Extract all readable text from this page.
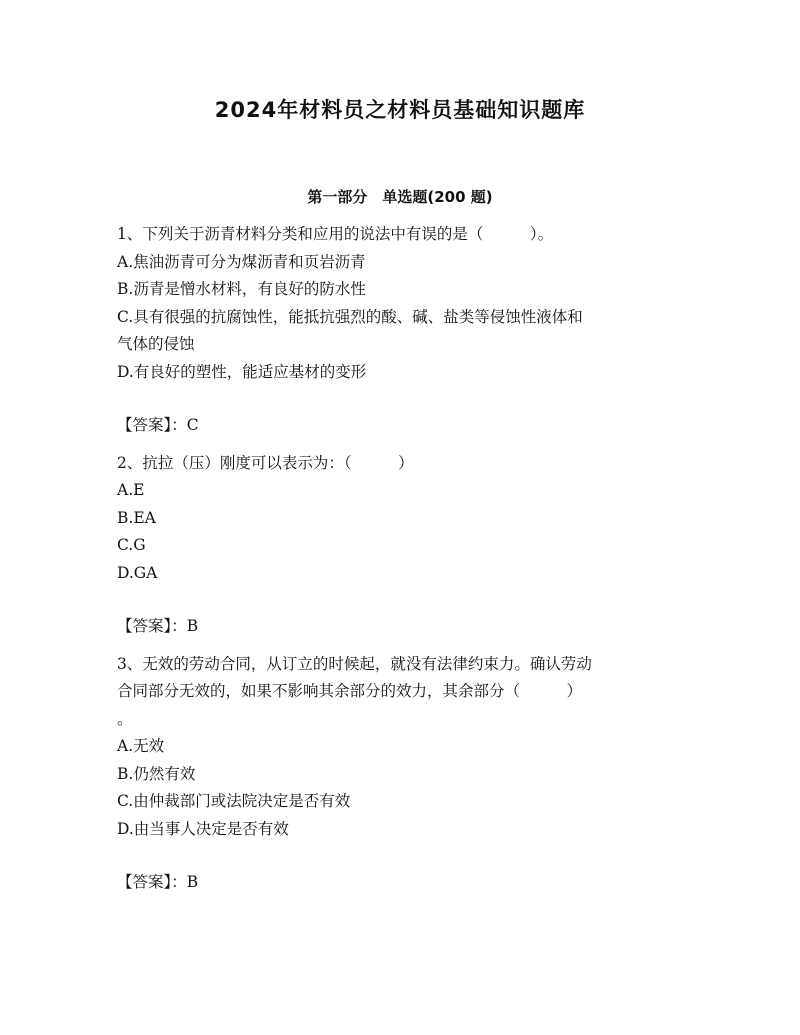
2024年材料员之材料员基础知识题库
第一部分　单选题(200 题)

1、下列关于沥青材料分类和应用的说法中有误的是（　　　）。

A.焦油沥青可分为煤沥青和页岩沥青

B.沥青是憎水材料，有良好的防水性

C.具有很强的抗腐蚀性，能抵抗强烈的酸、碱、盐类等侵蚀性液体和

气体的侵蚀

D.有良好的塑性，能适应基材的变形

【答案】：C

2、抗拉（压）刚度可以表示为：（　　　）

A.E

B.EA

C.G

D.GA

【答案】：B

3、无效的劳动合同，从订立的时候起，就没有法律约束力。确认劳动

合同部分无效的，如果不影响其余部分的效力，其余部分（　　　）

。

A.无效

B.仍然有效

C.由仲裁部门或法院决定是否有效

D.由当事人决定是否有效

【答案】：B
